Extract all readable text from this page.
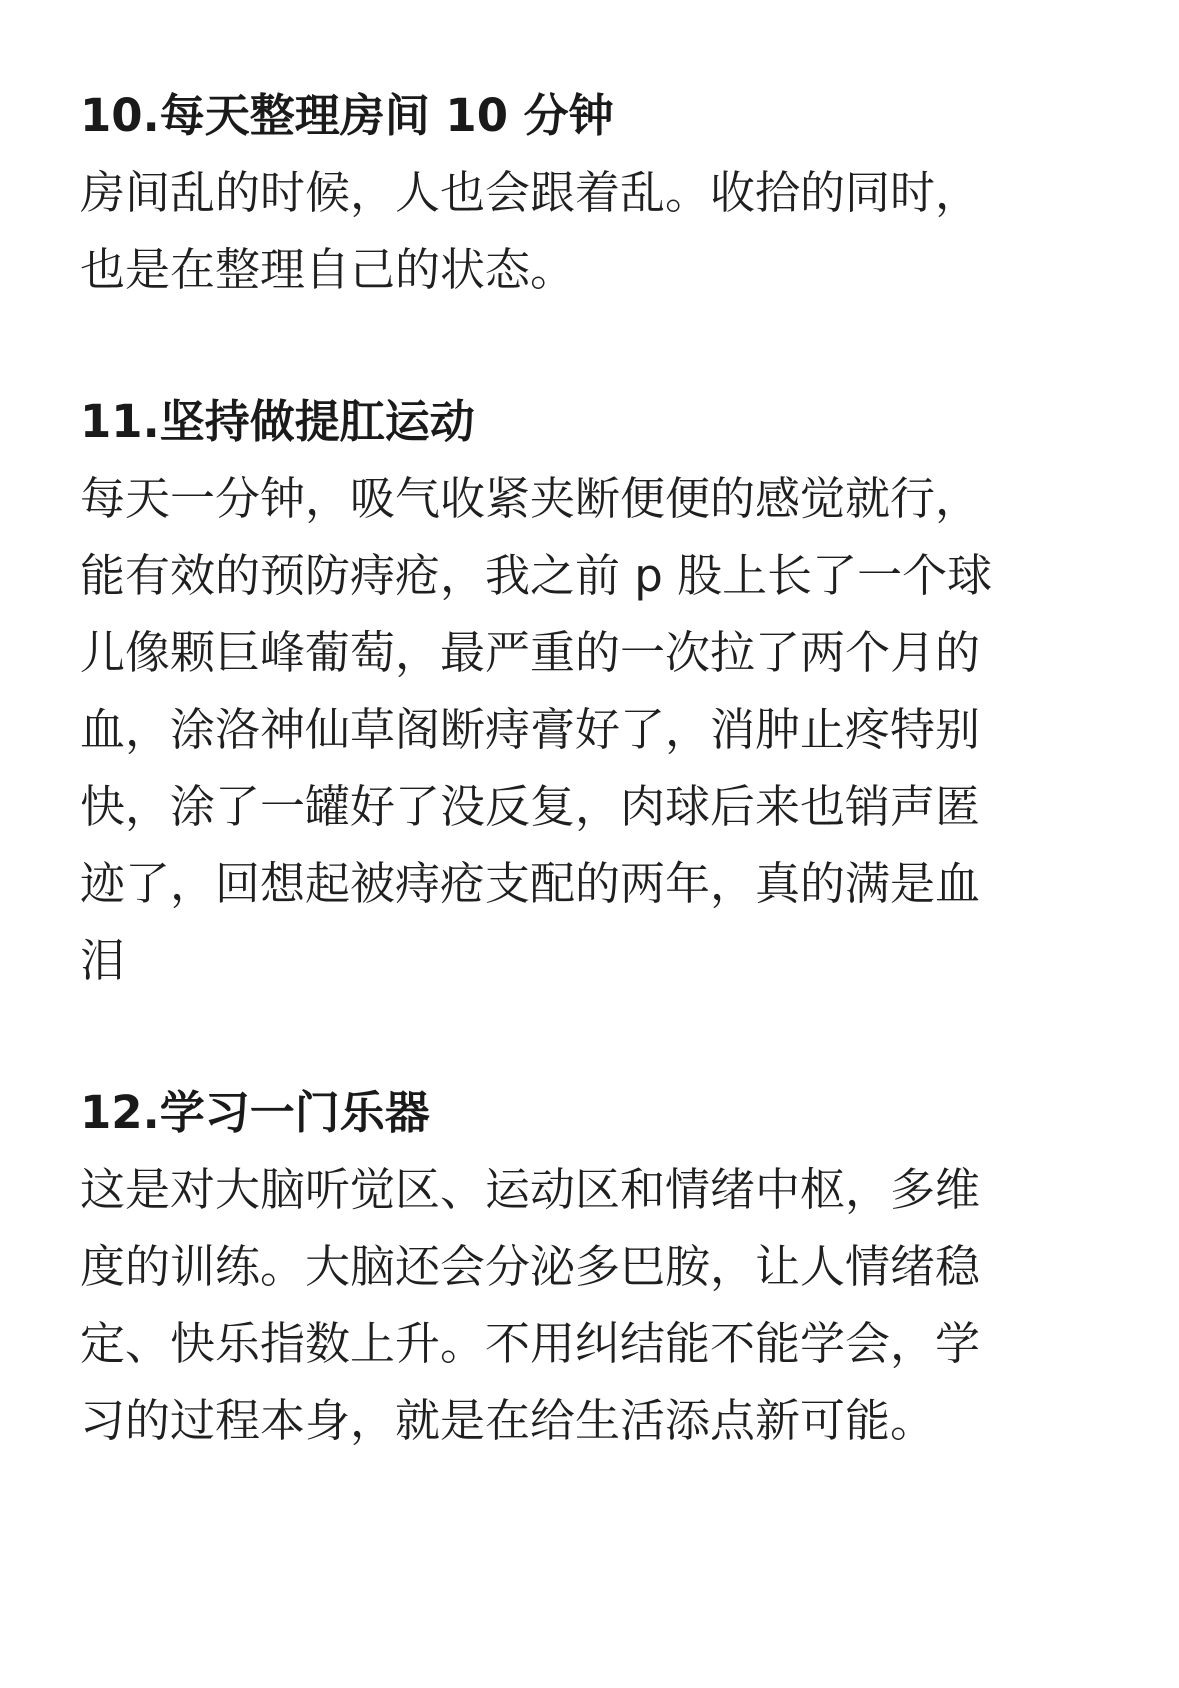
10.每天整理房间 10 分钟

房间乱的时候，人也会跟着乱。收拾的同时，

也是在整理自己的状态。

11.坚持做提肛运动

每天一分钟，吸气收紧夹断便便的感觉就行，

能有效的预防痔疮，我之前 p 股上长了一个球

儿像颗巨峰葡萄，最严重的一次拉了两个月的

血，涂洛神仙草阁断痔膏好了，消肿止疼特别

快，涂了一罐好了没反复，肉球后来也销声匿

迹了，回想起被痔疮支配的两年，真的满是血

泪

12.学习一门乐器

这是对大脑听觉区、运动区和情绪中枢，多维

度的训练。大脑还会分泌多巴胺，让人情绪稳

定、快乐指数上升。不用纠结能不能学会，学

习的过程本身，就是在给生活添点新可能。
